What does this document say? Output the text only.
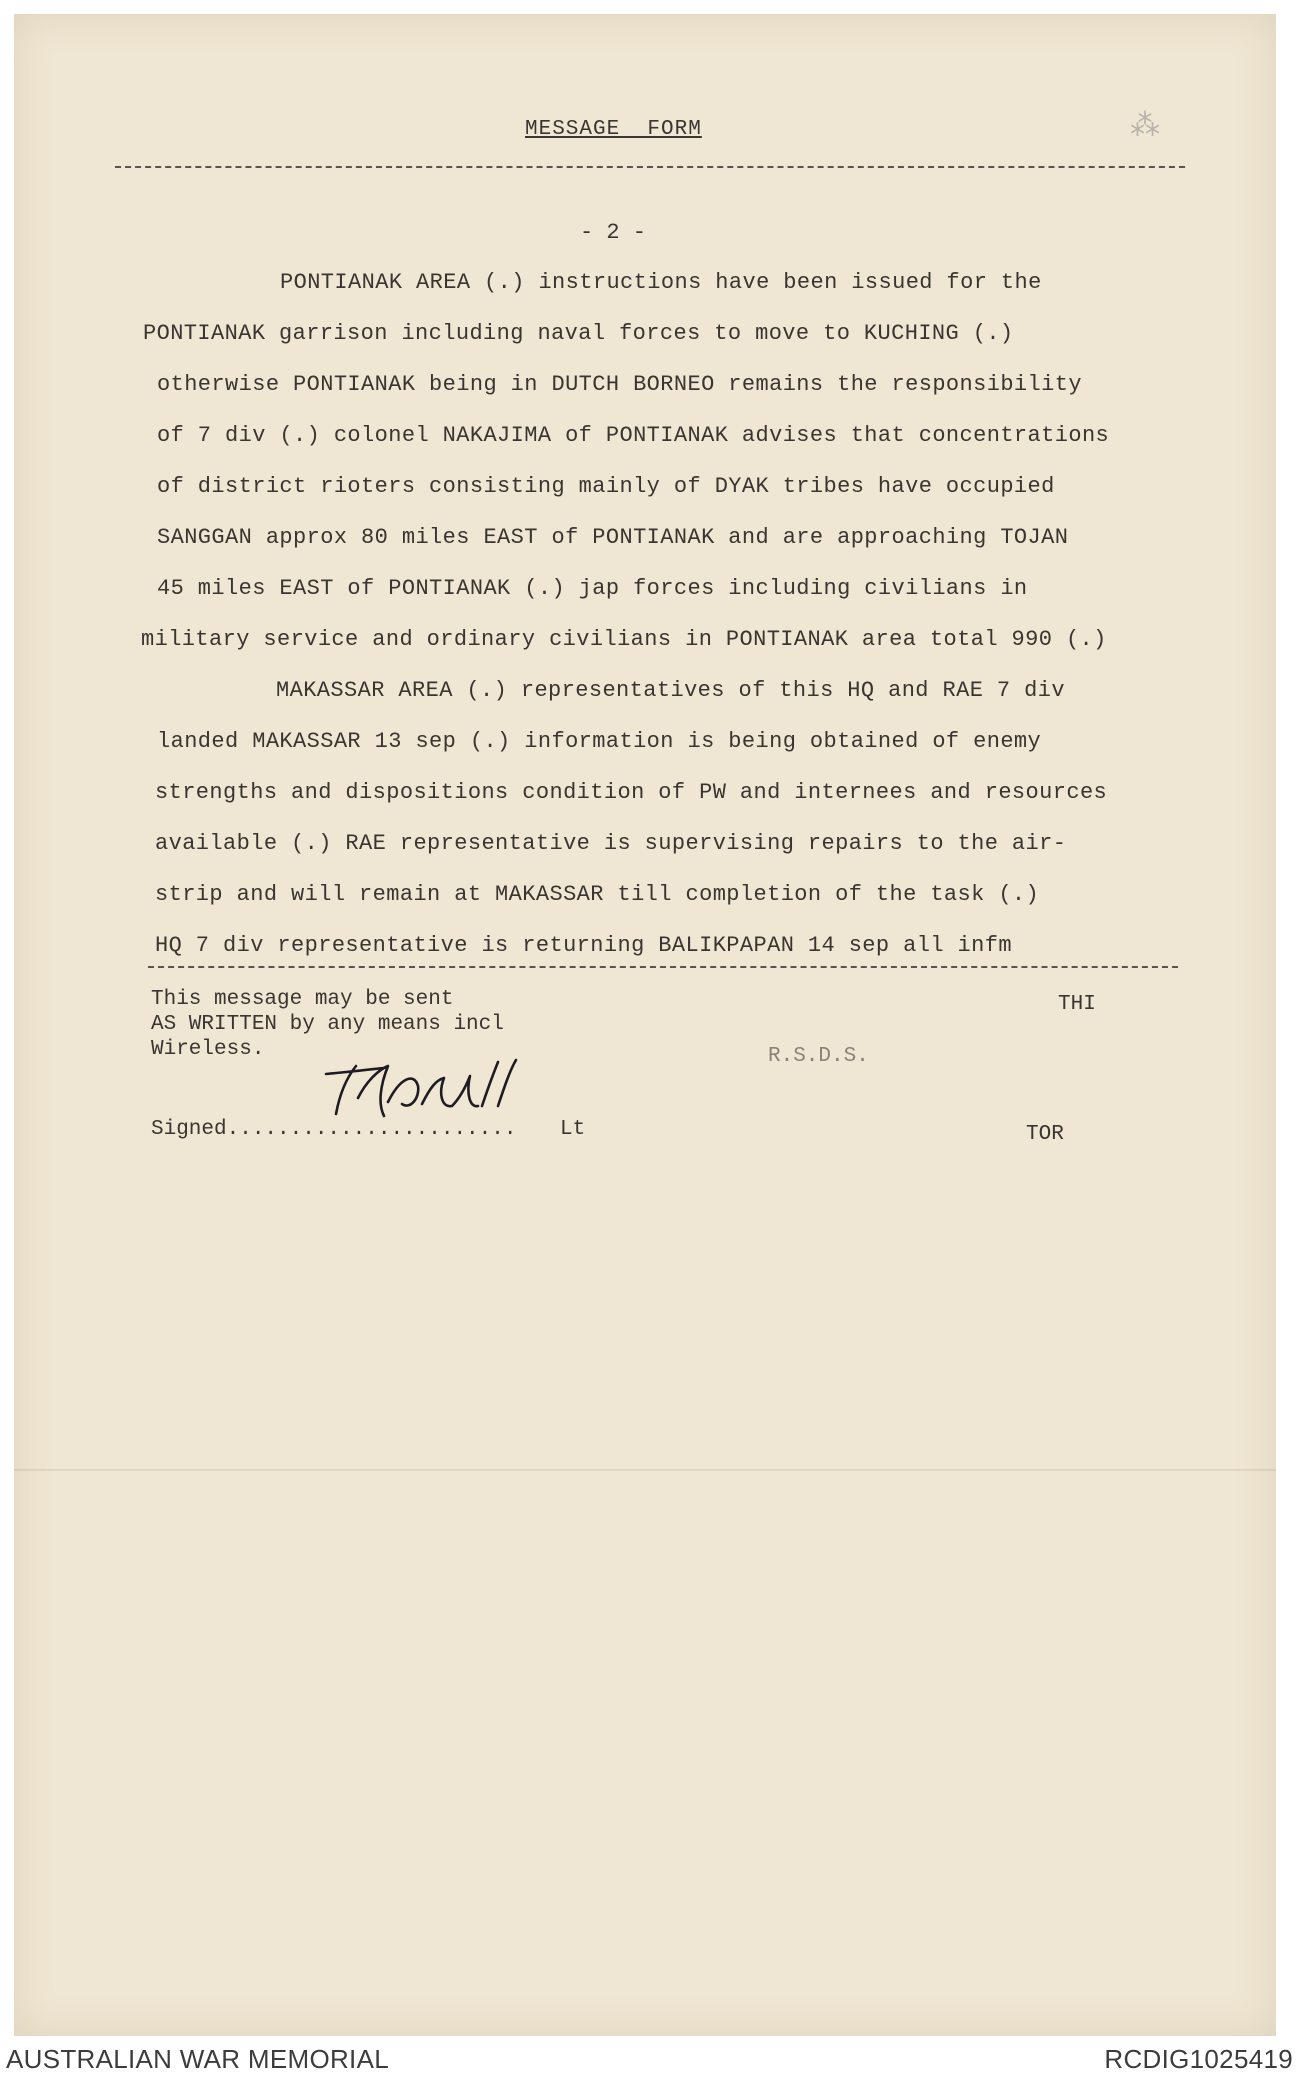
MESSAGE  FORM	⁂
- 2 -
PONTIANAK AREA (.) instructions have been issued for the
PONTIANAK garrison including naval forces to move to KUCHING (.)
otherwise PONTIANAK being in DUTCH BORNEO remains the responsibility
of 7 div (.) colonel NAKAJIMA of PONTIANAK advises that concentrations
of district rioters consisting mainly of DYAK tribes have occupied
SANGGAN approx 80 miles EAST of PONTIANAK and are approaching TOJAN
45 miles EAST of PONTIANAK (.) jap forces including civilians in
military service and ordinary civilians in PONTIANAK area total 990 (.)
MAKASSAR AREA (.) representatives of this HQ and RAE 7 div
landed MAKASSAR 13 sep (.) information is being obtained of enemy
strengths and dispositions condition of PW and internees and resources
available (.) RAE representative is supervising repairs to the air-
strip and will remain at MAKASSAR till completion of the task (.)
HQ 7 div representative is returning BALIKPAPAN 14 sep all infm
This message may be sent
AS WRITTEN by any means incl
Wireless.
THI
R.S.D.S.
Signed....................... Lt	TOR
AUSTRALIAN WAR MEMORIAL	RCDIG1025419
